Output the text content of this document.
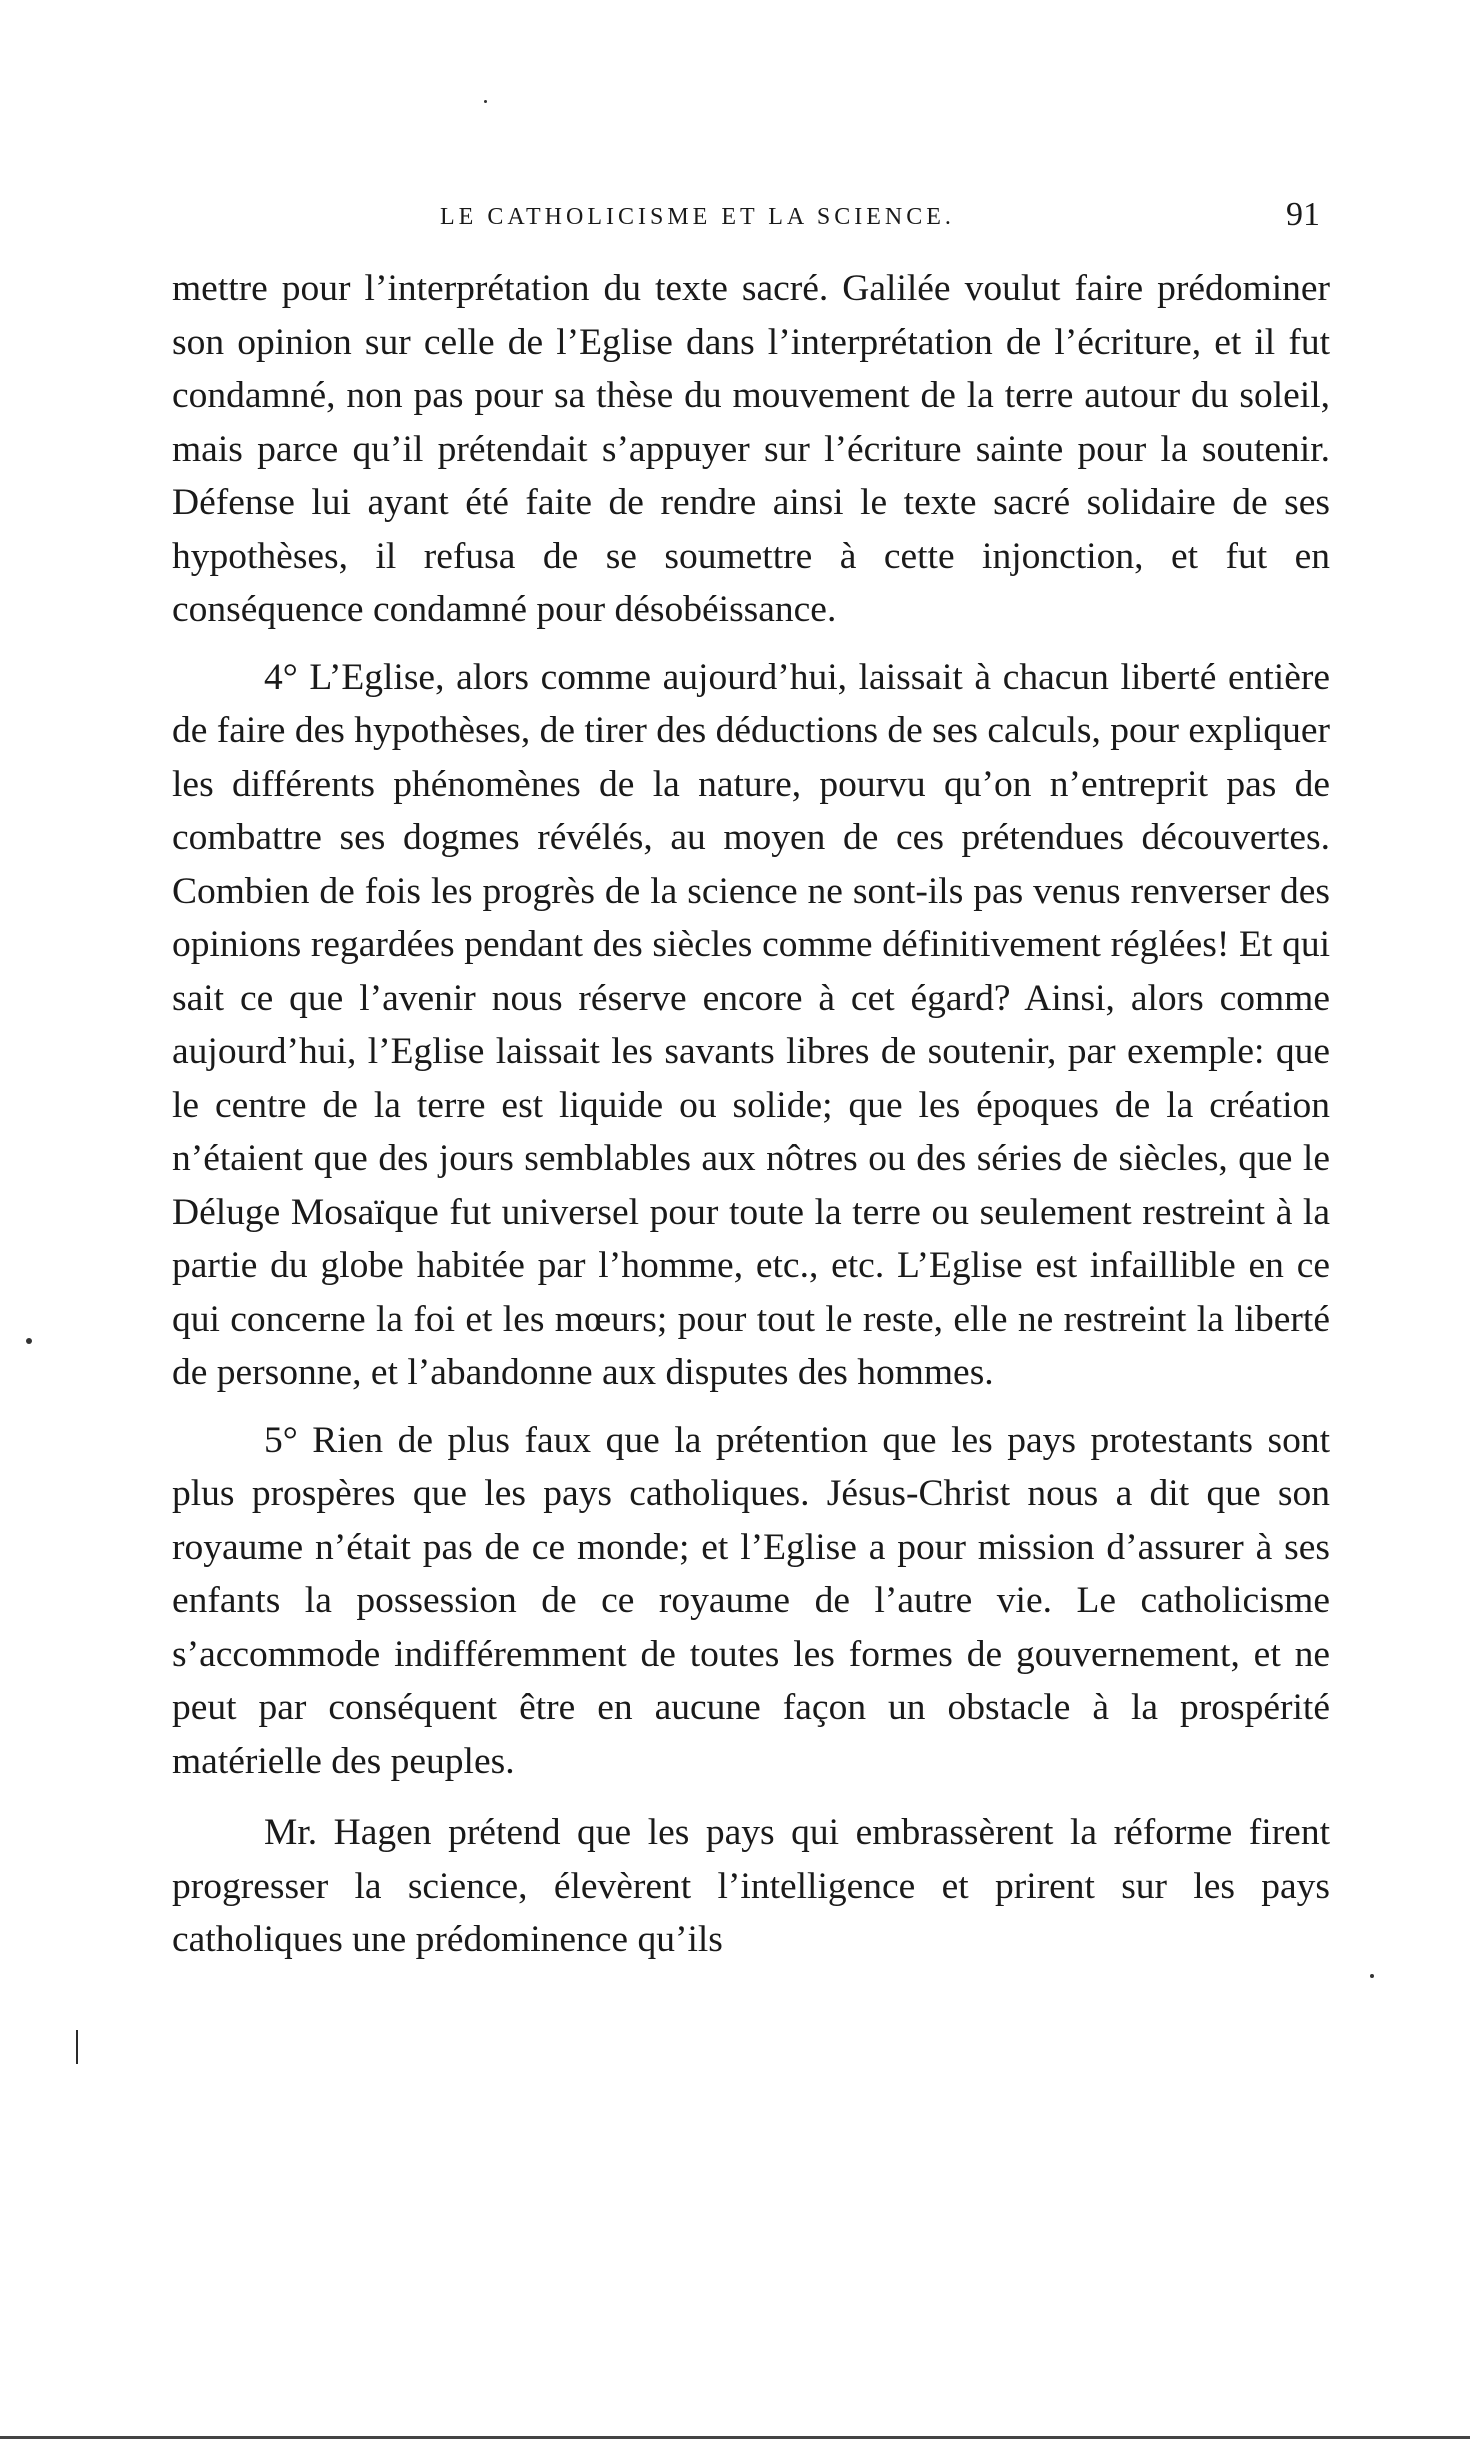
LE CATHOLICISME ET LA SCIENCE.	91

mettre pour l’interprétation du texte sacré. Galilée voulut faire prédominer son opinion sur celle de l’Eglise dans l’interprétation de l’écriture, et il fut condamné, non pas pour sa thèse du mouvement de la terre autour du soleil, mais parce qu’il prétendait s’appuyer sur l’écriture sainte pour la soutenir. Défense lui ayant été faite de rendre ainsi le texte sacré solidaire de ses hypothèses, il refusa de se soumettre à cette injonction, et fut en conséquence condamné pour désobéissance.

4° L’Eglise, alors comme aujourd’hui, laissait à chacun liberté entière de faire des hypothèses, de tirer des déductions de ses calculs, pour expliquer les différents phénomènes de la nature, pourvu qu’on n’entreprit pas de combattre ses dogmes révélés, au moyen de ces prétendues découvertes. Combien de fois les progrès de la science ne sont-ils pas venus renverser des opinions regardées pendant des siècles comme définitivement réglées! Et qui sait ce que l’avenir nous réserve encore à cet égard? Ainsi, alors comme aujourd’hui, l’Eglise laissait les savants libres de soutenir, par exemple: que le centre de la terre est liquide ou solide; que les époques de la création n’étaient que des jours semblables aux nôtres ou des séries de siècles, que le Déluge Mosaïque fut universel pour toute la terre ou seulement restreint à la partie du globe habitée par l’homme, etc., etc. L’Eglise est infaillible en ce qui concerne la foi et les mœurs; pour tout le reste, elle ne restreint la liberté de personne, et l’abandonne aux disputes des hommes.

5° Rien de plus faux que la prétention que les pays protestants sont plus prospères que les pays catholiques. Jésus-Christ nous a dit que son royaume n’était pas de ce monde; et l’Eglise a pour mission d’assurer à ses enfants la possession de ce royaume de l’autre vie. Le catholicisme s’accommode indifféremment de toutes les formes de gouvernement, et ne peut par conséquent être en aucune façon un obstacle à la prospérité matérielle des peuples.

Mr. Hagen prétend que les pays qui embrassèrent la réforme firent progresser la science, élevèrent l’intelligence et prirent sur les pays catholiques une prédominence qu’ils
